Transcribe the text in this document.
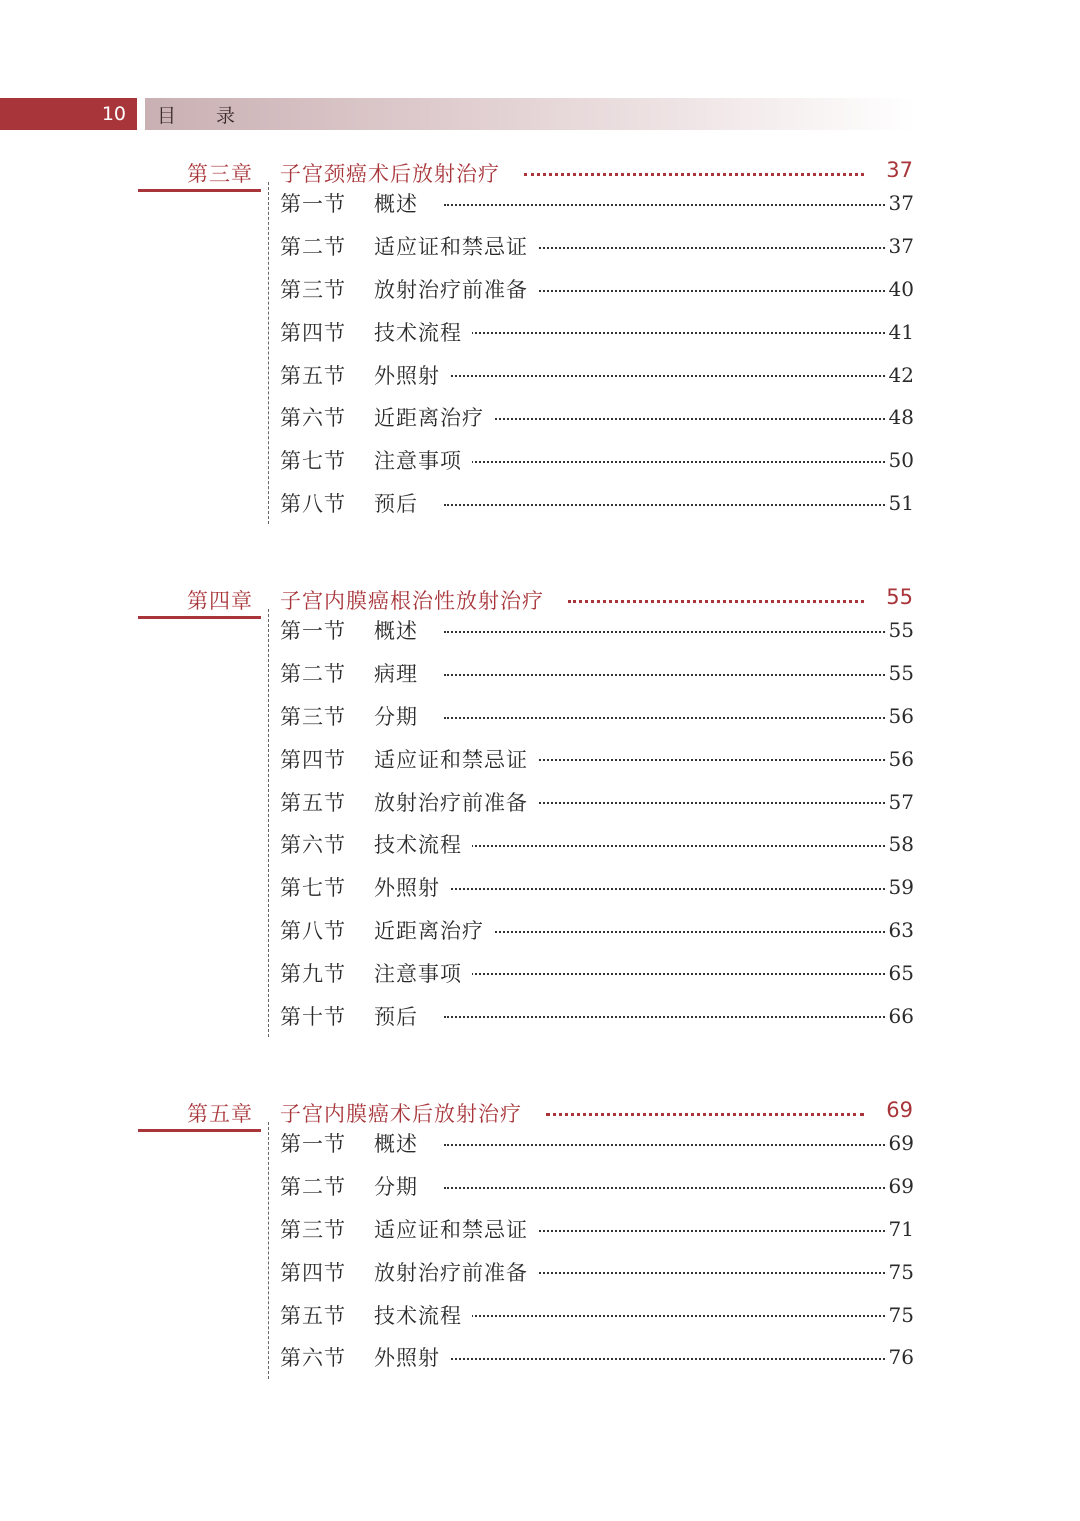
10	目 录
第三章 子宫颈癌术后放射治疗	37
第一节 概述	37
第二节 适应证和禁忌证	37
第三节 放射治疗前准备	40
第四节 技术流程	41
第五节 外照射	42
第六节 近距离治疗	48
第七节 注意事项	50
第八节 预后	51
第四章 子宫内膜癌根治性放射治疗	55
第一节 概述	55
第二节 病理	55
第三节 分期	56
第四节 适应证和禁忌证	56
第五节 放射治疗前准备	57
第六节 技术流程	58
第七节 外照射	59
第八节 近距离治疗	63
第九节 注意事项	65
第十节 预后	66
第五章 子宫内膜癌术后放射治疗	69
第一节 概述	69
第二节 分期	69
第三节 适应证和禁忌证	71
第四节 放射治疗前准备	75
第五节 技术流程	75
第六节 外照射	76
